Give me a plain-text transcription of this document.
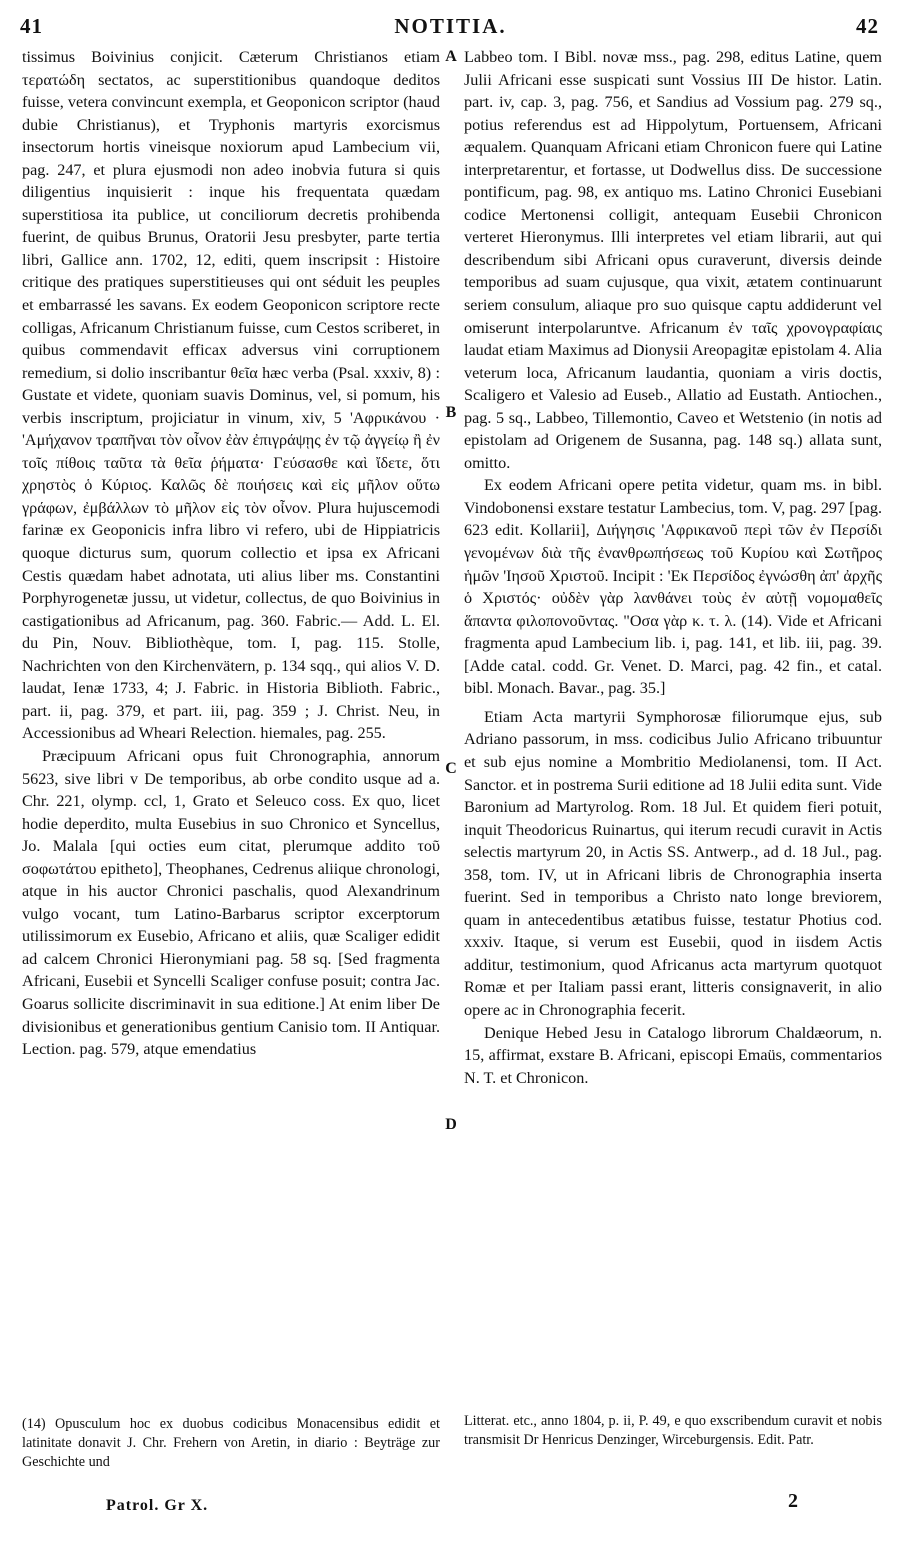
41	NOTITIA.	42
A
B
C
D

tissimus Boivinius conjicit. Cæterum Christianos etiam τερατώδη sectatos, ac superstitionibus quandoque deditos fuisse, vetera convincunt exempla, et Geoponicon scriptor (haud dubie Christianus), et Tryphonis martyris exorcismus insectorum hortis vineisque noxiorum apud Lambecium vii, pag. 247, et plura ejusmodi non adeo inobvia futura si quis diligentius inquisierit : inque his frequentata quædam superstitiosa ita publice, ut conciliorum decretis prohibenda fuerint, de quibus Brunus, Oratorii Jesu presbyter, parte tertia libri, Gallice ann. 1702, 12, editi, quem inscripsit : Histoire critique des pratiques superstitieuses qui ont séduit les peuples et embarrassé les savans. Ex eodem Geoponicon scriptore recte colligas, Africanum Christianum fuisse, cum Cestos scriberet, in quibus commendavit efficax adversus vini corruptionem remedium, si dolio inscribantur θεῖα hæc verba (Psal. xxxiv, 8) : Gustate et videte, quoniam suavis Dominus, vel, si pomum, his verbis inscriptum, projiciatur in vinum, xiv, 5 'Αφρικάνου · 'Αμήχανον τραπῆναι τὸν οἶνον ἐὰν ἐπιγράψῃς ἐν τῷ ἀγγείῳ ἢ ἐν τοῖς πίθοις ταῦτα τὰ θεῖα ῥήματα· Γεύσασθε καὶ ἴδετε, ὅτι χρηστὸς ὁ Κύριος. Καλῶς δὲ ποιήσεις καὶ εἰς μῆλον οὕτω γράφων, ἐμβάλλων τὸ μῆλον εἰς τὸν οἶνον. Plura hujuscemodi farinæ ex Geoponicis infra libro vi refero, ubi de Hippiatricis quoque dicturus sum, quorum collectio et ipsa ex Africani Cestis quædam habet adnotata, uti alius liber ms. Constantini Porphyrogenetæ jussu, ut videtur, collectus, de quo Boivinius in castigationibus ad Africanum, pag. 360. Fabric.— Add. L. El. du Pin, Nouv. Bibliothèque, tom. I, pag. 115. Stolle, Nachrichten von den Kirchenvätern, p. 134 sqq., qui alios V. D. laudat, Ienæ 1733, 4; J. Fabric. in Historia Biblioth. Fabric., part. ii, pag. 379, et part. iii, pag. 359 ; J. Christ. Neu, in Accessionibus ad Wheari Relection. hiemales, pag. 255.

Præcipuum Africani opus fuit Chronographia, annorum 5623, sive libri v De temporibus, ab orbe condito usque ad a. Chr. 221, olymp. ccl, 1, Grato et Seleuco coss. Ex quo, licet hodie deperdito, multa Eusebius in suo Chronico et Syncellus, Jo. Malala [qui octies eum citat, plerumque addito τοῦ σοφωτάτου epitheto], Theophanes, Cedrenus aliique chronologi, atque in his auctor Chronici paschalis, quod Alexandrinum vulgo vocant, tum Latino-Barbarus scriptor excerptorum utilissimorum ex Eusebio, Africano et aliis, quæ Scaliger edidit ad calcem Chronici Hieronymiani pag. 58 sq. [Sed fragmenta Africani, Eusebii et Syncelli Scaliger confuse posuit; contra Jac. Goarus sollicite discriminavit in sua editione.] At enim liber De divisionibus et generationibus gentium Canisio tom. II Antiquar. Lection. pag. 579, atque emendatius

Labbeo tom. I Bibl. novæ mss., pag. 298, editus Latine, quem Julii Africani esse suspicati sunt Vossius III De histor. Latin. part. iv, cap. 3, pag. 756, et Sandius ad Vossium pag. 279 sq., potius referendus est ad Hippolytum, Portuensem, Africani æqualem. Quanquam Africani etiam Chronicon fuere qui Latine interpretarentur, et fortasse, ut Dodwellus diss. De successione pontificum, pag. 98, ex antiquo ms. Latino Chronici Eusebiani codice Mertonensi colligit, antequam Eusebii Chronicon verteret Hieronymus. Illi interpretes vel etiam librarii, aut qui describendum sibi Africani opus curaverunt, diversis deinde temporibus ad suam cujusque, qua vixit, ætatem continuarunt seriem consulum, aliaque pro suo quisque captu addiderunt vel omiserunt interpolaruntve. Africanum ἐν ταῖς χρονογραφίαις laudat etiam Maximus ad Dionysii Areopagitæ epistolam 4. Alia veterum loca, Africanum laudantia, quoniam a viris doctis, Scaligero et Valesio ad Euseb., Allatio ad Eustath. Antiochen., pag. 5 sq., Labbeo, Tillemontio, Caveo et Wetstenio (in notis ad epistolam ad Origenem de Susanna, pag. 148 sq.) allata sunt, omitto.

Ex eodem Africani opere petita videtur, quam ms. in bibl. Vindobonensi exstare testatur Lambecius, tom. V, pag. 297 [pag. 623 edit. Kollarii], Διήγησις 'Αφρικανοῦ περὶ τῶν ἐν Περσίδι γενομένων διὰ τῆς ἐνανθρωπήσεως τοῦ Κυρίου καὶ Σωτῆρος ἡμῶν 'Ιησοῦ Χριστοῦ. Incipit : 'Εκ Περσίδος ἐγνώσθη ἀπ' ἀρχῆς ὁ Χριστός· οὐδὲν γὰρ λανθάνει τοὺς ἐν αὐτῇ νομομαθεῖς ἅπαντα φιλοπονοῦντας. "Οσα γὰρ κ. τ. λ. (14). Vide et Africani fragmenta apud Lambecium lib. i, pag. 141, et lib. iii, pag. 39. [Adde catal. codd. Gr. Venet. D. Marci, pag. 42 fin., et catal. bibl. Monach. Bavar., pag. 35.]

Etiam Acta martyrii Symphorosæ filiorumque ejus, sub Adriano passorum, in mss. codicibus Julio Africano tribuuntur et sub ejus nomine a Mombritio Mediolanensi, tom. II Act. Sanctor. et in postrema Surii editione ad 18 Julii edita sunt. Vide Baronium ad Martyrolog. Rom. 18 Jul. Et quidem fieri potuit, inquit Theodoricus Ruinartus, qui iterum recudi curavit in Actis selectis martyrum 20, in Actis SS. Antwerp., ad d. 18 Jul., pag. 358, tom. IV, ut in Africani libris de Chronographia inserta fuerint. Sed in temporibus a Christo nato longe breviorem, quam in antecedentibus ætatibus fuisse, testatur Photius cod. xxxiv. Itaque, si verum est Eusebii, quod in iisdem Actis additur, testimonium, quod Africanus acta martyrum quotquot Romæ et per Italiam passi erant, litteris consignaverit, in alio opere ac in Chronographia fecerit.

Denique Hebed Jesu in Catalogo librorum Chaldæorum, n. 15, affirmat, exstare B. Africani, episcopi Emaüs, commentarios N. T. et Chronicon.

(14) Opusculum hoc ex duobus codicibus Monacensibus edidit et latinitate donavit J. Chr. Frehern von Aretin, in diario : Beyträge zur Geschichte und
Litterat. etc., anno 1804, p. ii, P. 49, e quo exscribendum curavit et nobis transmisit Dr Henricus Denzinger, Wirceburgensis. Edit. Patr.
Patrol. Gr X.	2
